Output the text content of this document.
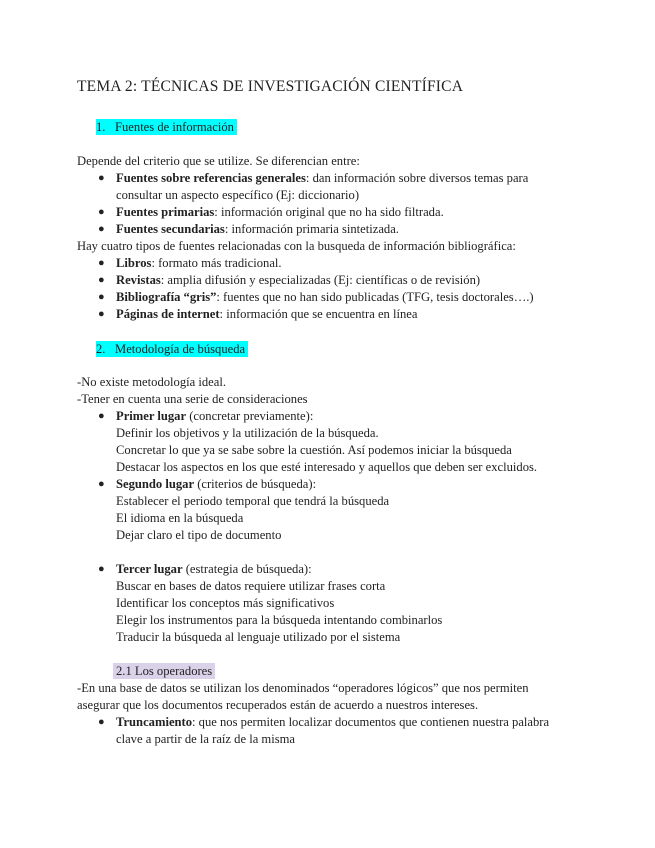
TEMA 2: TÉCNICAS DE INVESTIGACIÓN CIENTÍFICA
1. Fuentes de información
Depende del criterio que se utilize. Se diferencian entre:
● Fuentes sobre referencias generales: dan información sobre diversos temas para
consultar un aspecto específico (Ej: diccionario)
● Fuentes primarias: información original que no ha sido filtrada.
● Fuentes secundarias: información primaria sintetizada.
Hay cuatro tipos de fuentes relacionadas con la busqueda de información bibliográfica:
● Libros: formato más tradicional.
● Revistas: amplia difusión y especializadas (Ej: científicas o de revisión)
● Bibliografía “gris”: fuentes que no han sido publicadas (TFG, tesis doctorales….)
● Páginas de internet: información que se encuentra en línea
2. Metodología de búsqueda
-No existe metodología ideal.
-Tener en cuenta una serie de consideraciones
● Primer lugar (concretar previamente):
Definir los objetivos y la utilización de la búsqueda.
Concretar lo que ya se sabe sobre la cuestión. Así podemos iniciar la búsqueda
Destacar los aspectos en los que esté interesado y aquellos que deben ser excluidos.
● Segundo lugar (criterios de búsqueda):
Establecer el periodo temporal que tendrá la búsqueda
El idioma en la búsqueda
Dejar claro el tipo de documento
● Tercer lugar (estrategia de búsqueda):
Buscar en bases de datos requiere utilizar frases corta
Identificar los conceptos más significativos
Elegir los instrumentos para la búsqueda intentando combinarlos
Traducir la búsqueda al lenguaje utilizado por el sistema
2.1 Los operadores
-En una base de datos se utilizan los denominados “operadores lógicos” que nos permiten
asegurar que los documentos recuperados están de acuerdo a nuestros intereses.
● Truncamiento: que nos permiten localizar documentos que contienen nuestra palabra
clave a partir de la raíz de la misma
